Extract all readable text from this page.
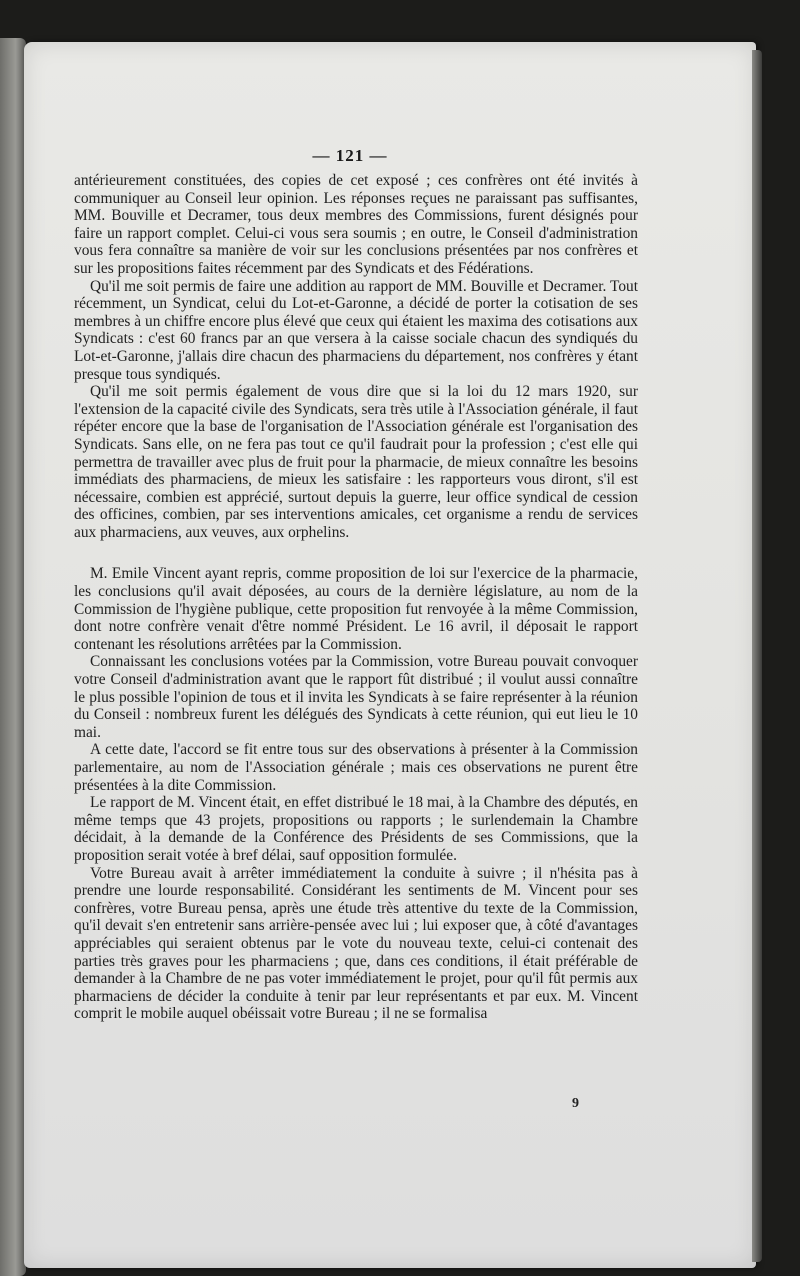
— 121 —

antérieurement constituées, des copies de cet exposé ; ces confrères ont été invités à communiquer au Conseil leur opinion. Les réponses reçues ne paraissant pas suffisantes, MM. Bouville et Decramer, tous deux membres des Commissions, furent désignés pour faire un rapport complet. Celui-ci vous sera soumis ; en outre, le Conseil d'administration vous fera connaître sa manière de voir sur les conclusions présentées par nos confrères et sur les propositions faites récemment par des Syndicats et des Fédérations.

Qu'il me soit permis de faire une addition au rapport de MM. Bouville et Decramer. Tout récemment, un Syndicat, celui du Lot-et-Garonne, a décidé de porter la cotisation de ses membres à un chiffre encore plus élevé que ceux qui étaient les maxima des cotisations aux Syndicats : c'est 60 francs par an que versera à la caisse sociale chacun des syndiqués du Lot-et-Garonne, j'allais dire chacun des pharmaciens du département, nos confrères y étant presque tous syndiqués.

Qu'il me soit permis également de vous dire que si la loi du 12 mars 1920, sur l'extension de la capacité civile des Syndicats, sera très utile à l'Association générale, il faut répéter encore que la base de l'organisation de l'Association générale est l'organisation des Syndicats. Sans elle, on ne fera pas tout ce qu'il faudrait pour la profession ; c'est elle qui permettra de travailler avec plus de fruit pour la pharmacie, de mieux connaître les besoins immédiats des pharmaciens, de mieux les satisfaire : les rapporteurs vous diront, s'il est nécessaire, combien est apprécié, surtout depuis la guerre, leur office syndical de cession des officines, combien, par ses interventions amicales, cet organisme a rendu de services aux pharmaciens, aux veuves, aux orphelins.

M. Emile Vincent ayant repris, comme proposition de loi sur l'exercice de la pharmacie, les conclusions qu'il avait déposées, au cours de la dernière législature, au nom de la Commission de l'hygiène publique, cette proposition fut renvoyée à la même Commission, dont notre confrère venait d'être nommé Président. Le 16 avril, il déposait le rapport contenant les résolutions arrêtées par la Commission.

Connaissant les conclusions votées par la Commission, votre Bureau pouvait convoquer votre Conseil d'administration avant que le rapport fût distribué ; il voulut aussi connaître le plus possible l'opinion de tous et il invita les Syndicats à se faire représenter à la réunion du Conseil : nombreux furent les délégués des Syndicats à cette réunion, qui eut lieu le 10 mai.

A cette date, l'accord se fit entre tous sur des observations à présenter à la Commission parlementaire, au nom de l'Association générale ; mais ces observations ne purent être présentées à la dite Commission.

Le rapport de M. Vincent était, en effet distribué le 18 mai, à la Chambre des députés, en même temps que 43 projets, propositions ou rapports ; le surlendemain la Chambre décidait, à la demande de la Conférence des Présidents de ses Commissions, que la proposition serait votée à bref délai, sauf opposition formulée.

Votre Bureau avait à arrêter immédiatement la conduite à suivre ; il n'hésita pas à prendre une lourde responsabilité. Considérant les sentiments de M. Vincent pour ses confrères, votre Bureau pensa, après une étude très attentive du texte de la Commission, qu'il devait s'en entretenir sans arrière-pensée avec lui ; lui exposer que, à côté d'avantages appréciables qui seraient obtenus par le vote du nouveau texte, celui-ci contenait des parties très graves pour les pharmaciens ; que, dans ces conditions, il était préférable de demander à la Chambre de ne pas voter immédiatement le projet, pour qu'il fût permis aux pharmaciens de décider la conduite à tenir par leur représentants et par eux. M. Vincent comprit le mobile auquel obéissait votre Bureau ; il ne se formalisa

9
